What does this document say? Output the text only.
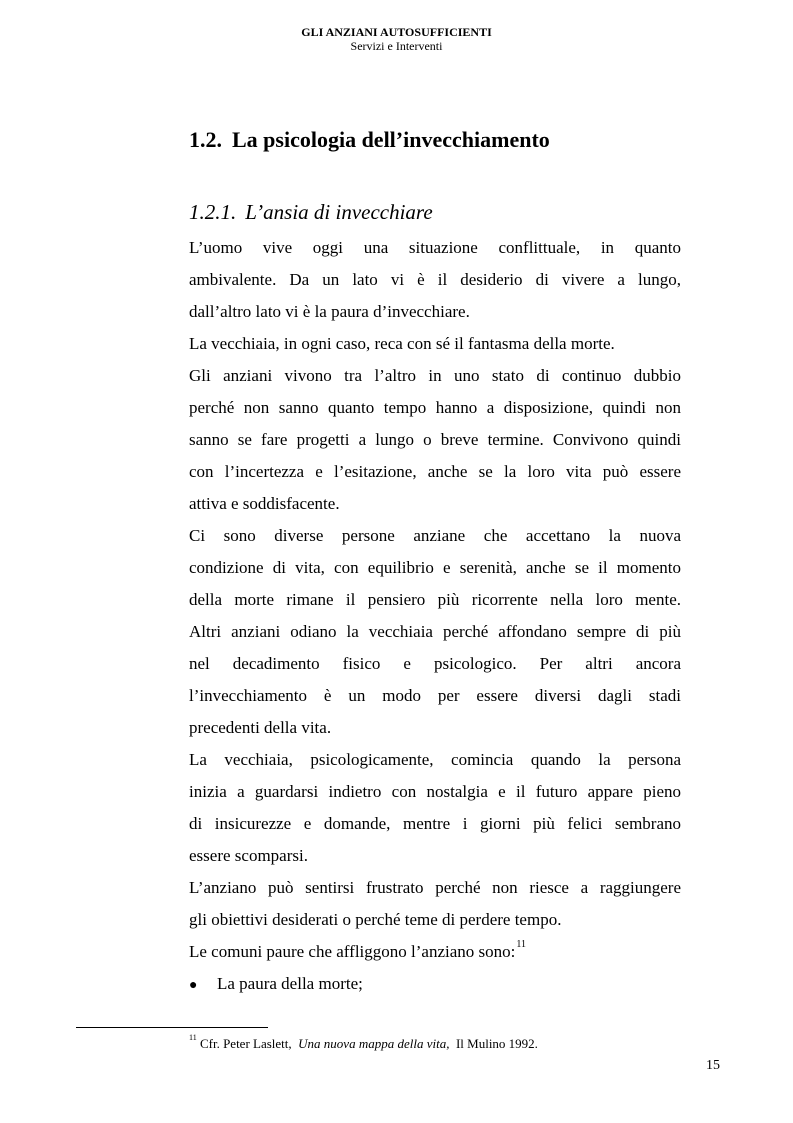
GLI ANZIANI AUTOSUFFICIENTI
Servizi e Interventi
1.2. La psicologia dell’invecchiamento
1.2.1. L’ansia di invecchiare
L’uomo vive oggi una situazione conflittuale, in quanto
ambivalente. Da un lato vi è il desiderio di vivere a lungo,
dall’altro lato vi è la paura d’invecchiare.
La vecchiaia, in ogni caso, reca con sé il fantasma della morte.
Gli anziani vivono tra l’altro in uno stato di continuo dubbio
perché non sanno quanto tempo hanno a disposizione, quindi non
sanno se fare progetti a lungo o breve termine. Convivono quindi
con l’incertezza e l’esitazione, anche se la loro vita può essere
attiva e soddisfacente.
Ci sono diverse persone anziane che accettano la nuova
condizione di vita, con equilibrio e serenità, anche se il momento
della morte rimane il pensiero più ricorrente nella loro mente.
Altri anziani odiano la vecchiaia perché affondano sempre di più
nel decadimento fisico e psicologico. Per altri ancora
l’invecchiamento è un modo per essere diversi dagli stadi
precedenti della vita.
La vecchiaia, psicologicamente, comincia quando la persona
inizia a guardarsi indietro con nostalgia e il futuro appare pieno
di insicurezze e domande, mentre i giorni più felici sembrano
essere scomparsi.
L’anziano può sentirsi frustrato perché non riesce a raggiungere
gli obiettivi desiderati o perché teme di perdere tempo.
Le comuni paure che affliggono l’anziano sono:$^{11}$
●	La paura della morte;
$^{11}$ Cfr. Peter Laslett, Una nuova mappa della vita, Il Mulino 1992.
15
